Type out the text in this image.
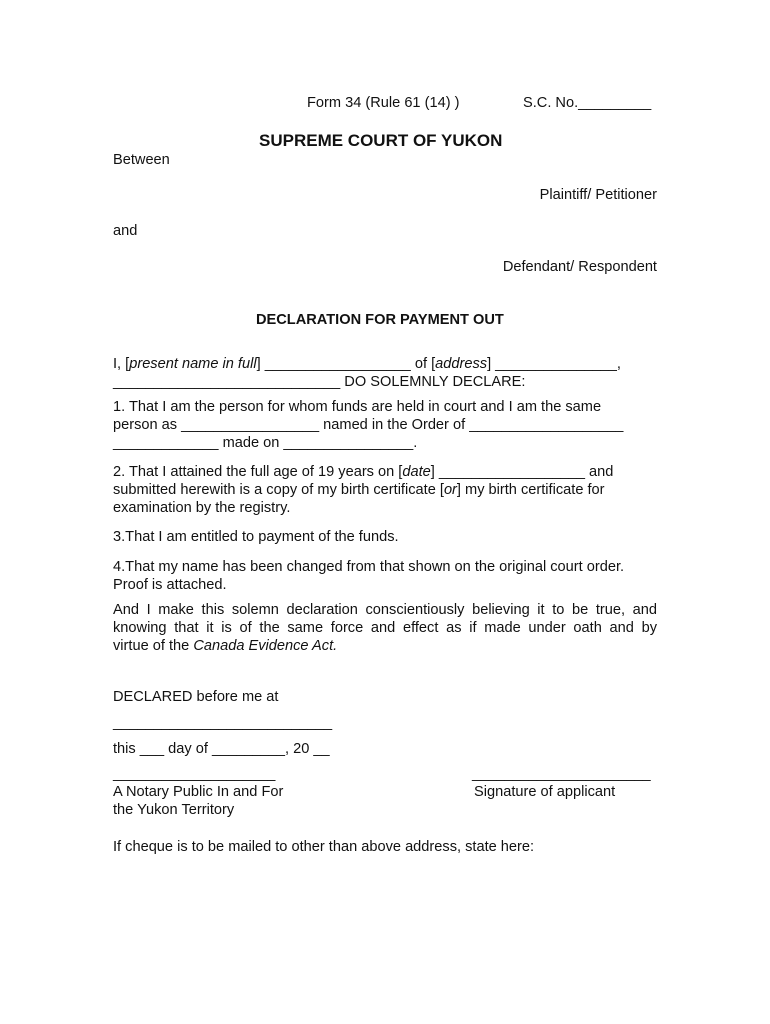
Form 34 (Rule 61 (14) )	S.C. No._________
SUPREME COURT OF YUKON
Between
Plaintiff/ Petitioner
and
Defendant/ Respondent
DECLARATION FOR PAYMENT OUT
I, [present name in full] __________________ of [address] _______________,
____________________________ DO SOLEMNLY DECLARE:
1. That I am the person for whom funds are held in court and I am the same
person as _________________ named in the Order of ___________________
_____________ made on ________________.
2. That I attained the full age of 19 years on [date] __________________ and
submitted herewith is a copy of my birth certificate [or] my birth certificate for
examination by the registry.
3.That I am entitled to payment of the funds.
4.That my name has been changed from that shown on the original court order.
Proof is attached.
And I make this solemn declaration conscientiously believing it to be true, and
knowing that it is of the same force and effect as if made under oath and by
virtue of the Canada Evidence Act.
DECLARED before me at
___________________________
this ___ day of _________, 20 __
____________________	______________________
A Notary Public In and For	Signature of applicant
the Yukon Territory
If cheque is to be mailed to other than above address, state here:
